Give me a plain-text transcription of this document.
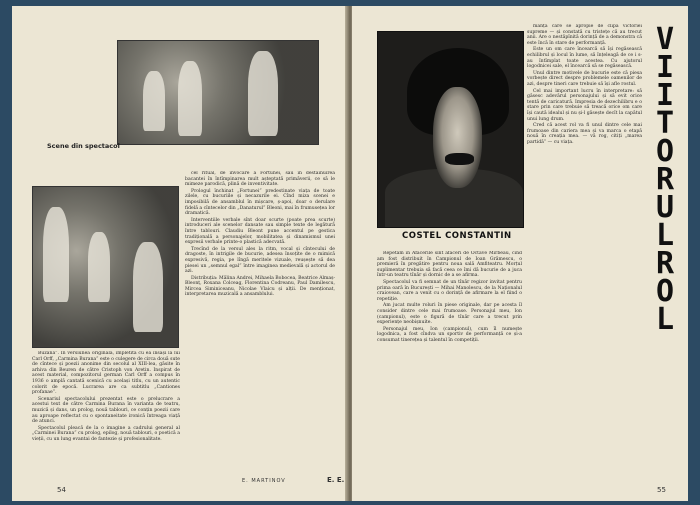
Scene din spectacol

Buzana”. In versiunea originală, împletită cu ea însăși la lui Carl Orff, „Carmina Burana” este o culegere de circa două sute de cîntece și poezii anonime din secolul al XIII-lea, găsite în arhiva din Beuren de către Cristoph von Aretin. Inspirat de acest material, compozitorul german Carl Orff a compus în 1936 o amplă cantată scenică cu același titlu, cu un autentic colorit de epocă. Lucrarea are ca subtitlu „Cantiones profanae”.

Scenariul spectacolului prezentat este o prelucrare a acestui text de către Carmina Burana în varianta de teatru, muzică și dans, un prolog, nouă tablouri, ce conțin poezii care au aproape reflectat cu o spontaneitate ironică întreaga viață de atunci.

Spectacolul pleacă de la o imagine a cadrului general al „Carminei Burana” cu prolog, epilog, nouă tablouri, o poetică a vieții, cu un lung evantai de fantezie și profesionalitate.

cel ritual, de invocare a Fortunei, sau în destăinuirea bacantei în întîmpinarea mult așteptată primăverii, ce să le mimeze parodică, plină de inventivitate.

Prologul închinat „Fortunei” predestinate viața de toate zilele, cu bucuriile și necazurile ei. Cînd miza scenei e imposibilă de ansamblul în mișcare, ș-apoi, doar o derulare fidelă a cîntecelor din „Danaturul” Bleoni, mai în frumusețea lor dramatică.

Interventiile verbale sînt doar scurte (poate prea scurte) introduceri ale scenelor dansate sau simple texte de legătură între tablouri. Claudiu Bleont pune accentul pe gestica tradițională a personajelor, mobilitatea și dinamismul unei expresii verbale printe-o plastică adecvată.

Trecînd de la versul ales la ritm, vocal și cîntecului de dragoste, în intrigile de bucurie, adesea însoțite de o mimică expresivă, regia, pe lîngă meritele vizuale, reușește să dea piesei un „semnul egal” între imaginea medievală și actorul de azi.

Distribuția: Mălina Andrei, Mihaela Bobocea, Beatrice Almaș-Bleonț, Roxana Colceag, Florentina Codreanu, Paul Damilescu, Mircea Siminiceanu, Nicolae Vlaicu și alții. De menționat, interpretarea muzicală a ansamblului.

54
E. MARTINOV	E. E.
COSTEL CONSTANTIN

Repetam în Afacerile sînt afaceri de Octave Mirbeau, cînd am fost distribuit în Campionul de Ioan Grămescu, o premieră în pregătire pentru noua sală Amfiteatru. Morțul suplimentar trebuia să facă ceea ce îmi dă bucurie de a juca într-un teatru tînăr și dornic de a se afirma.

Spectacolul va fi semnat de un tînăr regizor invitat pentru prima oară în București — Mihai Manolescu, de la Naționalul craiovean, care a venit cu o dorință de afirmare la el fiind o repetiție.

Am jucat multe roluri în piese originale, dar pe acesta îl consider dintre cele mai frumoase. Personajul meu, Ion (campionul), este o figură de tînăr care a trecut prin experiențe neobișnuite.

Personajul meu, Ion (campionul), cum îl numește logodnica, a fost cîndva un sportiv de performanță ce și-a consumat tinerețea și talentul în competiții.

manță care se apropie de clipa victoriei supreme — și constată cu tristețe că au trecut anii. Are o nestăpînită dorință de a demonstra că este încă în stare de performanță.

Este un om care încearcă să își regăsească echilibrul și locul în lume, să înțeleagă de ce i s-au întîmplat toate acestea. Cu ajutorul logodnicei sale, el încearcă să se regăsească.

Unul dintre motivele de bucurie este că piesa vorbește direct despre problemele oamenilor de azi, despre tineri care trebuie să își afle rostul.

Cel mai important lucru în interpretare: să găsesc adevărul personajului și să evit orice tentă de caricatură. Impresia de dezechilibru e o stare prin care trebuie să treacă orice om care își caută idealul și nu și-l găsește decît la capătul unui lung drum.

Cred că acest rol va fi unul dintre cele mai frumoase din cariera mea și va marca o etapă nouă în creația mea. — vă rog, citiți „marea partidă” — cu viața.

V
I
I
T
O
R
U
L
R
O
L
55
